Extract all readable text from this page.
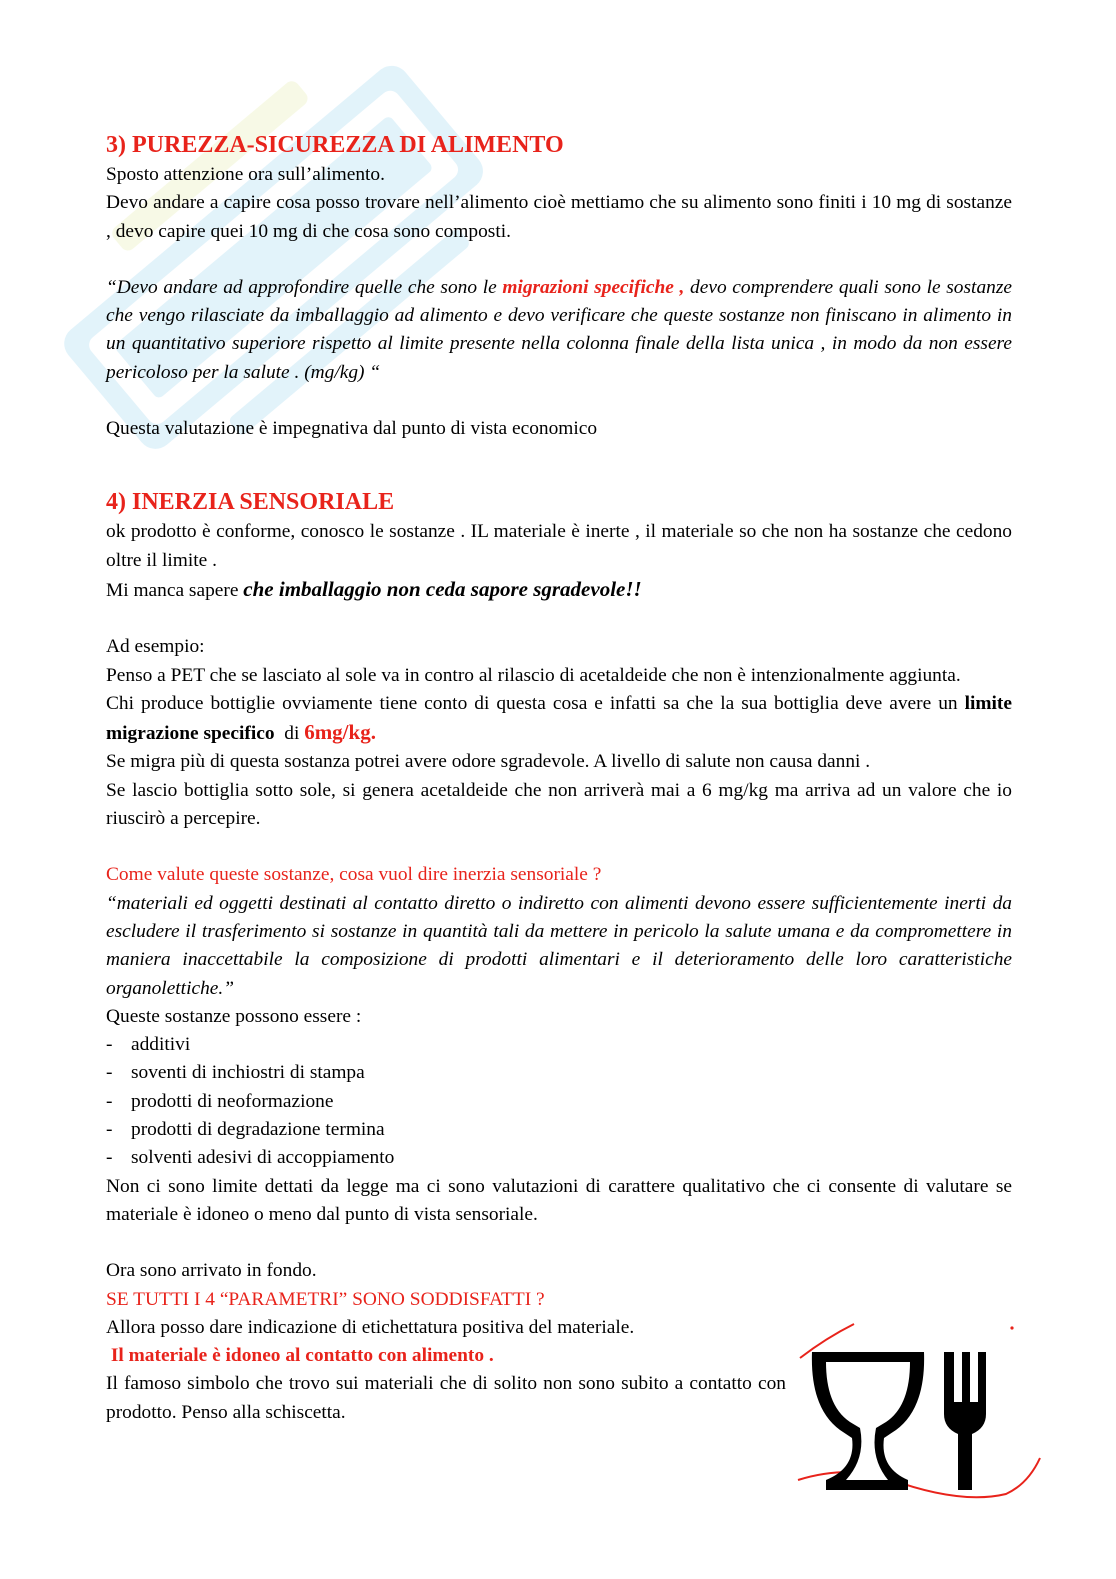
3) PUREZZA-SICUREZZA DI ALIMENTO

Sposto attenzione ora sull’alimento.

Devo andare a capire cosa posso trovare nell’alimento cioè mettiamo che su alimento sono finiti i 10 mg di sostanze , devo capire quei 10 mg di che cosa sono composti.

“Devo andare ad approfondire quelle che sono le migrazioni specifiche , devo comprendere quali sono le sostanze che vengo rilasciate da imballaggio ad alimento e devo verificare che queste sostanze non finiscano in alimento in un quantitativo superiore rispetto al limite presente nella colonna finale della lista unica , in modo da non essere pericoloso per la salute . (mg/kg) “

Questa valutazione è impegnativa dal punto di vista economico

4) INERZIA SENSORIALE

ok prodotto è conforme, conosco le sostanze . IL materiale è inerte , il materiale so che non ha sostanze che cedono oltre il limite .

Mi manca sapere che imballaggio non ceda sapore sgradevole!!

Ad esempio:

Penso a PET che se lasciato al sole va in contro al rilascio di acetaldeide che non è intenzionalmente aggiunta.

Chi produce bottiglie ovviamente tiene conto di questa cosa e infatti sa che la sua bottiglia deve avere un limite migrazione specifico  di 6mg/kg.

Se migra più di questa sostanza potrei avere odore sgradevole. A livello di salute non causa danni .

Se lascio bottiglia sotto sole, si genera acetaldeide che non arriverà mai a 6 mg/kg ma arriva ad un valore che io riuscirò a percepire.

Come valute queste sostanze, cosa vuol dire inerzia sensoriale ?

“materiali ed oggetti destinati al contatto diretto o indiretto con alimenti devono essere sufficientemente inerti da escludere il trasferimento si sostanze in quantità tali da mettere in pericolo la salute umana e da compromettere in maniera inaccettabile la composizione di prodotti alimentari e il deterioramento delle loro caratteristiche organolettiche.”

Queste sostanze possono essere :

- additivi
- soventi di inchiostri di stampa
- prodotti di neoformazione
- prodotti di degradazione termina
- solventi adesivi di accoppiamento

Non ci sono limite dettati da legge ma ci sono valutazioni di carattere qualitativo che ci consente di valutare se materiale è idoneo o meno dal punto di vista sensoriale.

Ora sono arrivato in fondo.

SE TUTTI I 4 “PARAMETRI” SONO SODDISFATTI ?

Allora posso dare indicazione di etichettatura positiva del materiale.

Il materiale è idoneo al contatto con alimento .

Il famoso simbolo che trovo sui materiali che di solito non sono subito a contatto con prodotto. Penso alla schiscetta.
